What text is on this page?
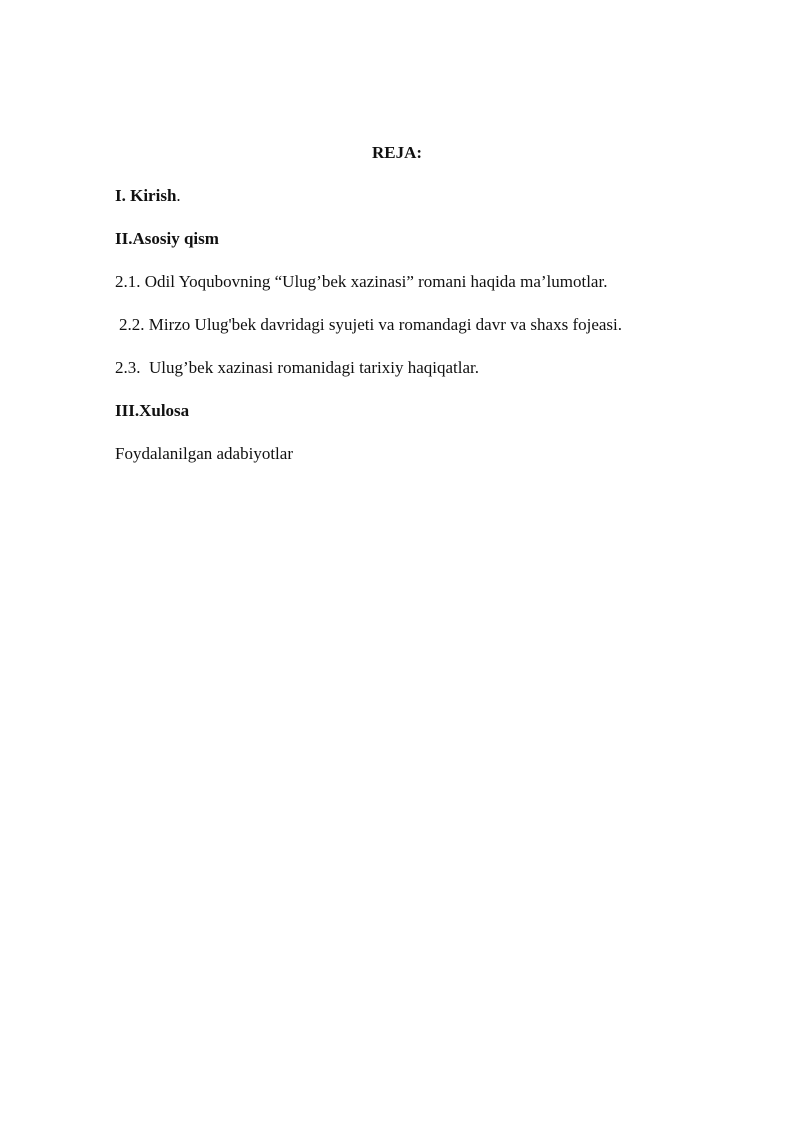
REJA:
I. Kirish.
II.Asosiy qism
2.1. Odil Yoqubovning “Ulug’bek xazinasi” romani haqida ma’lumotlar.
2.2. Mirzo Ulug'bek davridagi syujeti va romandagi davr va shaxs fojeasi.
2.3.  Ulug’bek xazinasi romanidagi tarixiy haqiqatlar.
III.Xulosa
Foydalanilgan adabiyotlar
